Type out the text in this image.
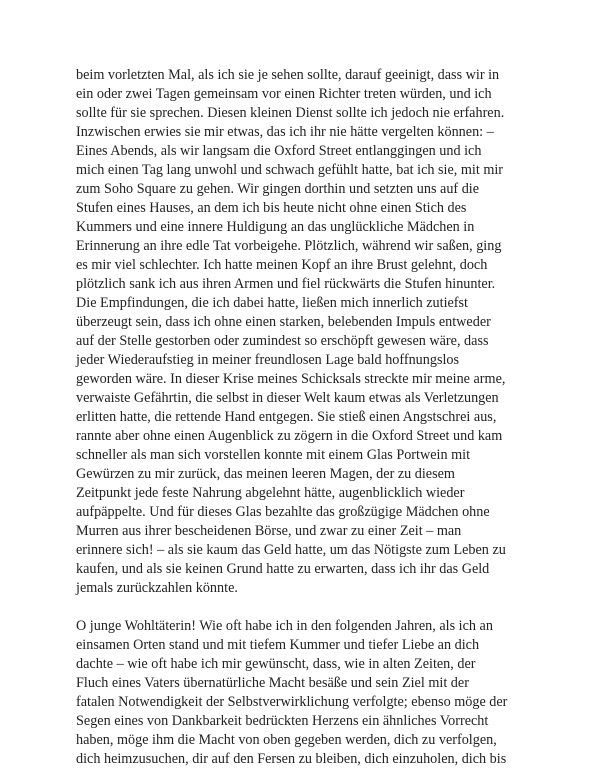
beim vorletzten Mal, als ich sie je sehen sollte, darauf geeinigt, dass wir in
ein oder zwei Tagen gemeinsam vor einen Richter treten würden, und ich
sollte für sie sprechen. Diesen kleinen Dienst sollte ich jedoch nie erfahren.
Inzwischen erwies sie mir etwas, das ich ihr nie hätte vergelten können: –
Eines Abends, als wir langsam die Oxford Street entlanggingen und ich
mich einen Tag lang unwohl und schwach gefühlt hatte, bat ich sie, mit mir
zum Soho Square zu gehen. Wir gingen dorthin und setzten uns auf die
Stufen eines Hauses, an dem ich bis heute nicht ohne einen Stich des
Kummers und eine innere Huldigung an das unglückliche Mädchen in
Erinnerung an ihre edle Tat vorbeigehe. Plötzlich, während wir saßen, ging
es mir viel schlechter. Ich hatte meinen Kopf an ihre Brust gelehnt, doch
plötzlich sank ich aus ihren Armen und fiel rückwärts die Stufen hinunter.
Die Empfindungen, die ich dabei hatte, ließen mich innerlich zutiefst
überzeugt sein, dass ich ohne einen starken, belebenden Impuls entweder
auf der Stelle gestorben oder zumindest so erschöpft gewesen wäre, dass
jeder Wiederaufstieg in meiner freundlosen Lage bald hoffnungslos
geworden wäre. In dieser Krise meines Schicksals streckte mir meine arme,
verwaiste Gefährtin, die selbst in dieser Welt kaum etwas als Verletzungen
erlitten hatte, die rettende Hand entgegen. Sie stieß einen Angstschrei aus,
rannte aber ohne einen Augenblick zu zögern in die Oxford Street und kam
schneller als man sich vorstellen konnte mit einem Glas Portwein mit
Gewürzen zu mir zurück, das meinen leeren Magen, der zu diesem
Zeitpunkt jede feste Nahrung abgelehnt hätte, augenblicklich wieder
aufpäppelte. Und für dieses Glas bezahlte das großzügige Mädchen ohne
Murren aus ihrer bescheidenen Börse, und zwar zu einer Zeit – man
erinnere sich! – als sie kaum das Geld hatte, um das Nötigste zum Leben zu
kaufen, und als sie keinen Grund hatte zu erwarten, dass ich ihr das Geld
jemals zurückzahlen könnte.
O junge Wohltäterin! Wie oft habe ich in den folgenden Jahren, als ich an
einsamen Orten stand und mit tiefem Kummer und tiefer Liebe an dich
dachte – wie oft habe ich mir gewünscht, dass, wie in alten Zeiten, der
Fluch eines Vaters übernatürliche Macht besäße und sein Ziel mit der
fatalen Notwendigkeit der Selbstverwirklichung verfolgte; ebenso möge der
Segen eines von Dankbarkeit bedrückten Herzens ein ähnliches Vorrecht
haben, möge ihm die Macht von oben gegeben werden, dich zu verfolgen,
dich heimzusuchen, dir auf den Fersen zu bleiben, dich einzuholen, dich bis
